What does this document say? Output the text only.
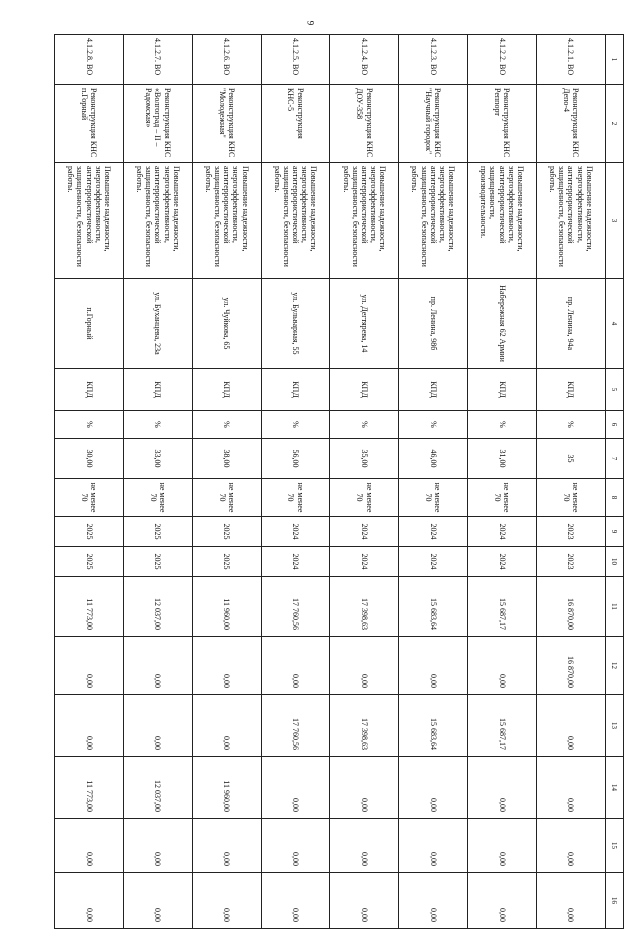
9
1	2	3	4	5	6	7	8	9	10	11	12	13	14	15	16
4.1.2.1. ВО	Реконструкция КНС Депо-4	Повышение надежности, энергоэффективности, антитеррористической защищенности, безопасности работы.	пр. Ленина, 94а	КПД	%	35	не менее 70	2023	2023	16 870,00	16 870,00	0,00	0,00	0,00	0,00
4.1.2.2. ВО	Реконструкция КНС Реппорт	Повышение надежности, энергоэффективности, антитеррористической защищенности, производительности.	Набережная 62 Армии	КПД	%	31,00	не менее 70	2024	2024	15 687,17	0,00	15 687,17	0,00	0,00	0,00
4.1.2.3. ВО	Реконструкция КНС "Научный городок"	Повышение надежности, энергоэффективности, антитеррористической защищенности, безопасности работы.	пр. Ленина, 98б	КПД	%	46,00	не менее 70	2024	2024	15 683,64	0,00	15 683,64	0,00	0,00	0,00
4.1.2.4. ВО	Реконструкция КНС ДОУ-358	Повышение надежности, энергоэффективности, антитеррористической защищенности, безопасности работы.	ул. Дегтярева, 14	КПД	%	35,00	не менее 70	2024	2024	17 398,63	0,00	17 398,63	0,00	0,00	0,00
4.1.2.5. ВО	Реконструкция КНС-5	Повышение надежности, энергоэффективности, антитеррористической защищенности, безопасности работы.	ул. Бульварная, 55	КПД	%	56,00	не менее 70	2024	2024	17 760,56	0,00	17 760,56	0,00	0,00	0,00
4.1.2.6. ВО	Реконструкция КНС "Молодежная"	Повышение надежности, энергоэффективности, антитеррористической защищенности, безопасности работы.	ул. Чуйкова, 65	КПД	%	38,00	не менее 70	2025	2025	11 960,00	0,00	0,00	11 960,00	0,00	0,00
4.1.2.7. ВО	Реконструкция КНС «Волгоград – II – Радомская»	Повышение надежности, энергоэффективности, антитеррористической защищенности, безопасности работы.	ул. Буханцева, 23а	КПД	%	33,00	не менее 70	2025	2025	12 037,00	0,00	0,00	12 037,00	0,00	0,00
4.1.2.8. ВО	Реконструкция КНС п.Горный	Повышение надежности, энергоэффективности, антитеррористической защищенности, безопасности работы.	п.Горный	КПД	%	30,00	не менее 70	2025	2025	11 773,00	0,00	0,00	11 773,00	0,00	0,00
